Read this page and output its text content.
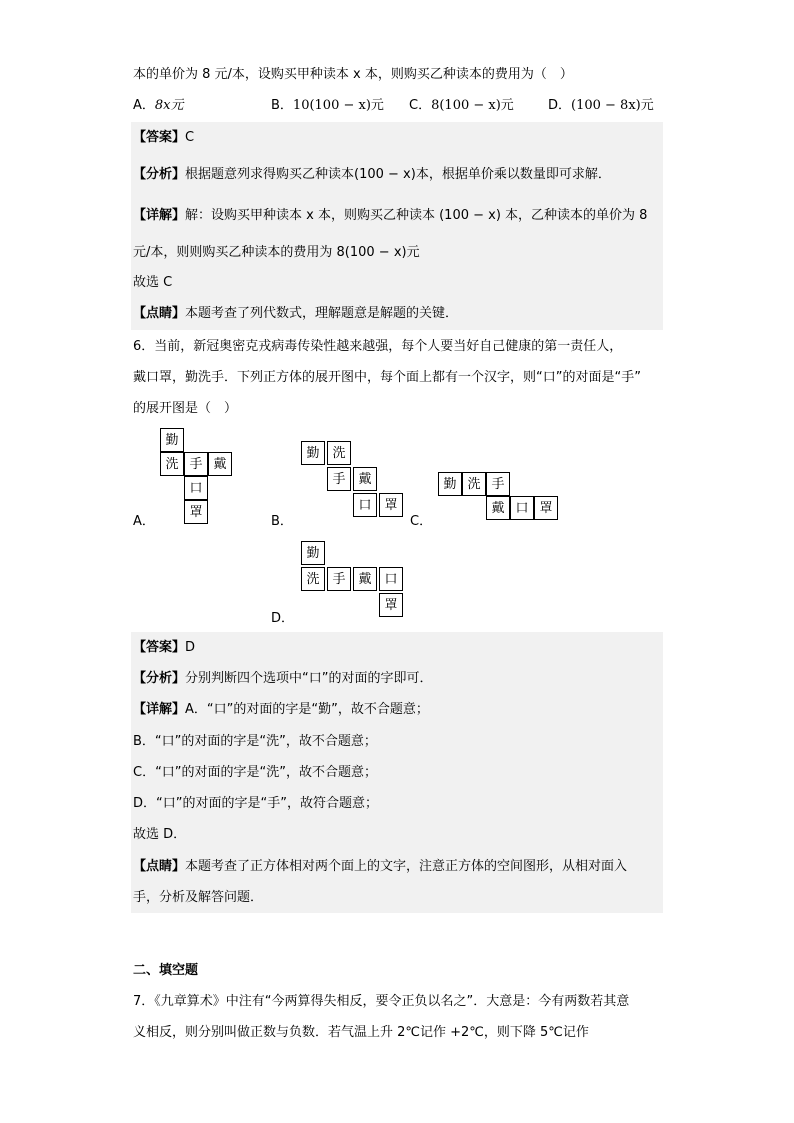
本的单价为 8 元/本，设购买甲种读本 x 本，则购买乙种读本的费用为（　）
A．8x元	B．10(100 − x)元 C．8(100 − x)元	D．(100 − 8x)元
【答案】C
【分析】根据题意列求得购买乙种读本(100 − x)本，根据单价乘以数量即可求解．
【详解】解：设购买甲种读本 x 本，则购买乙种读本 (100 − x) 本，乙种读本的单价为 8
元/本，则则购买乙种读本的费用为 8(100 − x)元
故选 C
【点睛】本题考查了列代数式，理解题意是解题的关键．
6．当前，新冠奥密克戎病毒传染性越来越强，每个人要当好自己健康的第一责任人，
戴口罩，勤洗手．下列正方体的展开图中，每个面上都有一个汉字，则“口”的对面是“手”
的展开图是（　）
A．
勤
洗 手 戴
口
罩
B．
勤 洗
手 戴
口 罩
C．
勤 洗 手
戴 口 罩
D．
勤
洗 手 戴 口
罩
【答案】D
【分析】分别判断四个选项中“口”的对面的字即可．
【详解】A．“口”的对面的字是“勤”，故不合题意；
B．“口”的对面的字是“洗”，故不合题意；
C．“口”的对面的字是“洗”，故不合题意；
D．“口”的对面的字是“手”，故符合题意；
故选 D．
【点睛】本题考查了正方体相对两个面上的文字，注意正方体的空间图形，从相对面入
手，分析及解答问题．
二、填空题
7．《九章算术》中注有“今两算得失相反，要令正负以名之”．大意是：今有两数若其意
义相反，则分别叫做正数与负数．若气温上升 2℃记作 +2℃，则下降 5℃记作
